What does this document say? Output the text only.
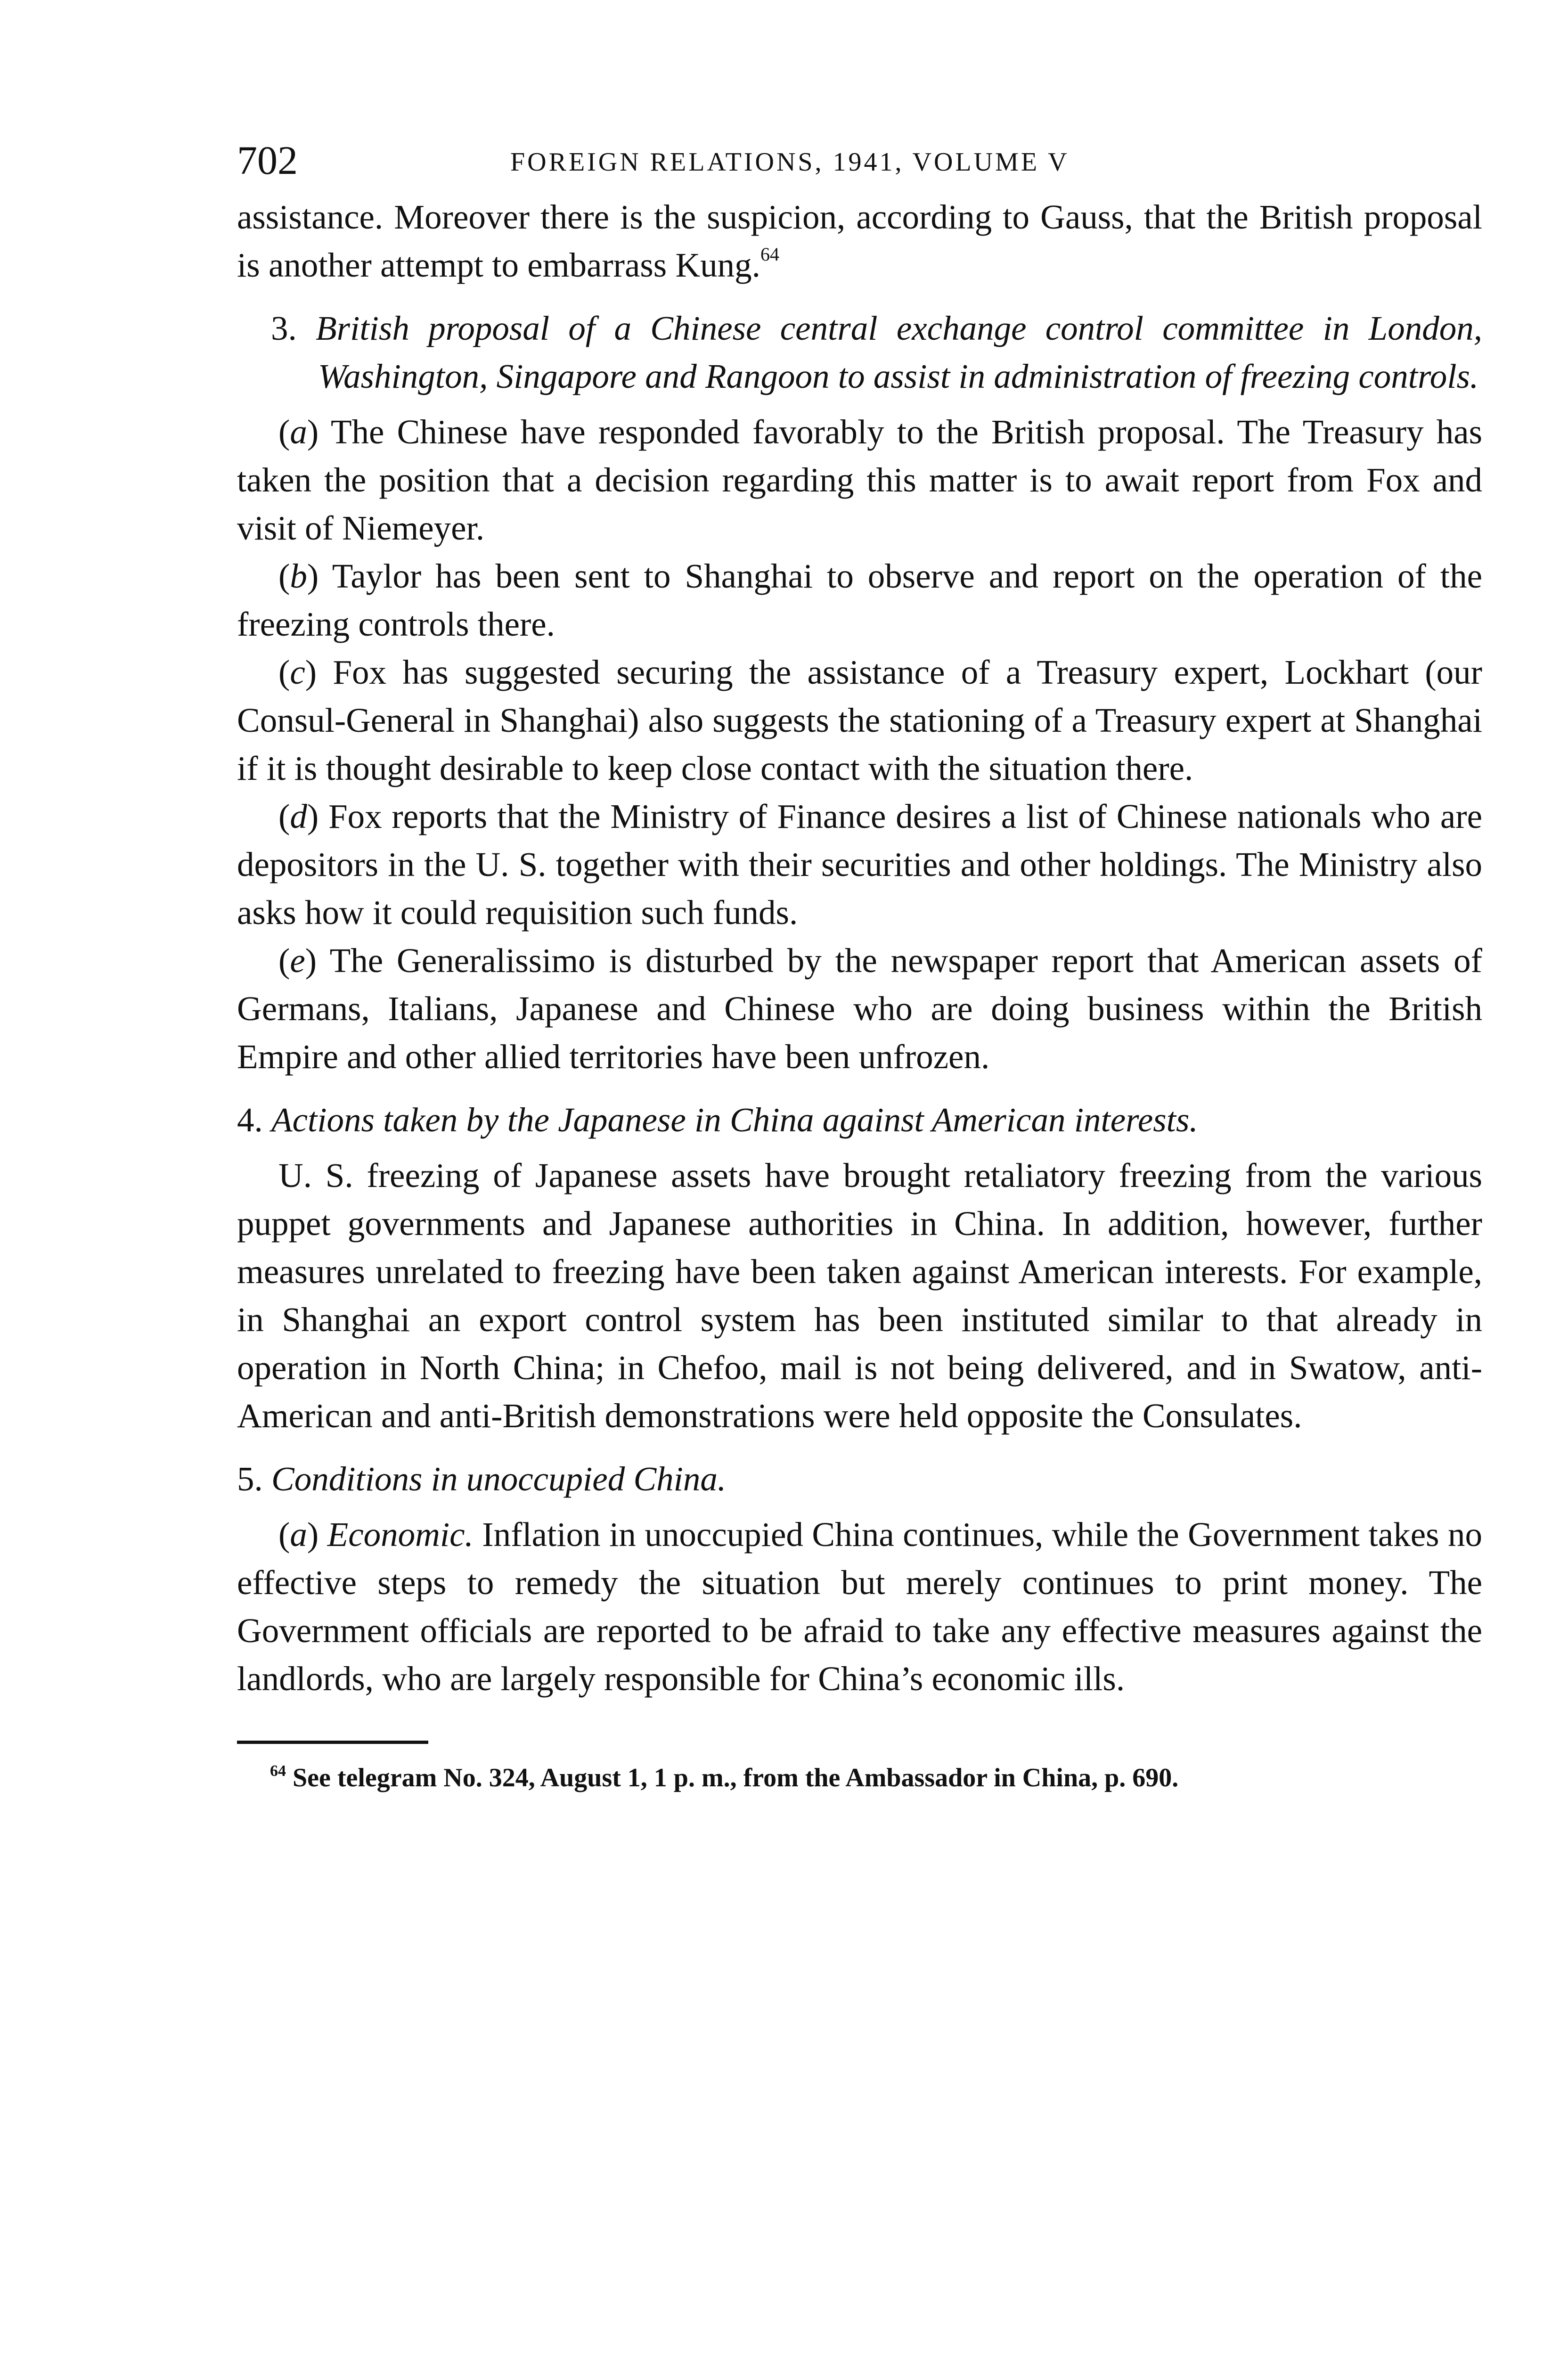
702	FOREIGN RELATIONS, 1941, VOLUME V

assistance. Moreover there is the suspicion, according to Gauss, that the British proposal is another attempt to embarrass Kung.$^{64}$

3. British proposal of a Chinese central exchange control committee in London, Washington, Singapore and Rangoon to assist in administration of freezing controls.

(a) The Chinese have responded favorably to the British proposal. The Treasury has taken the position that a decision regarding this matter is to await report from Fox and visit of Niemeyer.

(b) Taylor has been sent to Shanghai to observe and report on the operation of the freezing controls there.

(c) Fox has suggested securing the assistance of a Treasury expert, Lockhart (our Consul-General in Shanghai) also suggests the stationing of a Treasury expert at Shanghai if it is thought desirable to keep close contact with the situation there.

(d) Fox reports that the Ministry of Finance desires a list of Chinese nationals who are depositors in the U. S. together with their securities and other holdings. The Ministry also asks how it could requisition such funds.

(e) The Generalissimo is disturbed by the newspaper report that American assets of Germans, Italians, Japanese and Chinese who are doing business within the British Empire and other allied territories have been unfrozen.

4. Actions taken by the Japanese in China against American interests.

U. S. freezing of Japanese assets have brought retaliatory freezing from the various puppet governments and Japanese authorities in China. In addition, however, further measures unrelated to freezing have been taken against American interests. For example, in Shanghai an export control system has been instituted similar to that already in operation in North China; in Chefoo, mail is not being delivered, and in Swatow, anti-American and anti-British demonstrations were held opposite the Consulates.

5. Conditions in unoccupied China.

(a) Economic. Inflation in unoccupied China continues, while the Government takes no effective steps to remedy the situation but merely continues to print money. The Government officials are reported to be afraid to take any effective measures against the landlords, who are largely responsible for China’s economic ills.

$^{64}$ See telegram No. 324, August 1, 1 p. m., from the Ambassador in China, p. 690.
